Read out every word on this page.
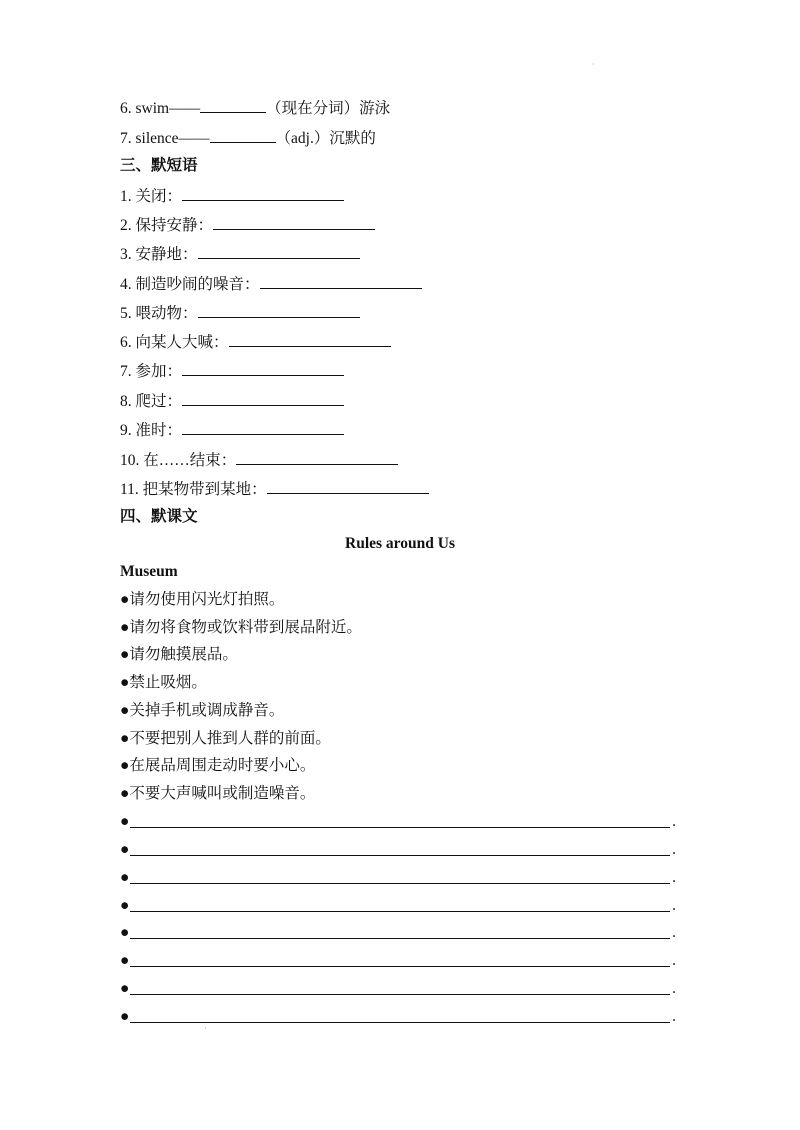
·
6. swim——	（现在分词）游泳
7. silence——	（adj.）沉默的
三、默短语
1. 关闭：
2. 保持安静：
3. 安静地：
4. 制造吵闹的噪音：
5. 喂动物：
6. 向某人大喊：
7. 参加：
8. 爬过：
9. 准时：
10. 在……结束：
11. 把某物带到某地：
四、默课文
Rules around Us
Museum
●请勿使用闪光灯拍照。
●请勿将食物或饮料带到展品附近。
●请勿触摸展品。
●禁止吸烟。
●关掉手机或调成静音。
●不要把别人推到人群的前面。
●在展品周围走动时要小心。
●不要大声喊叫或制造噪音。
●	.
●	.
●	.
●	.
●	.
●	.
●	.
●	.
·
